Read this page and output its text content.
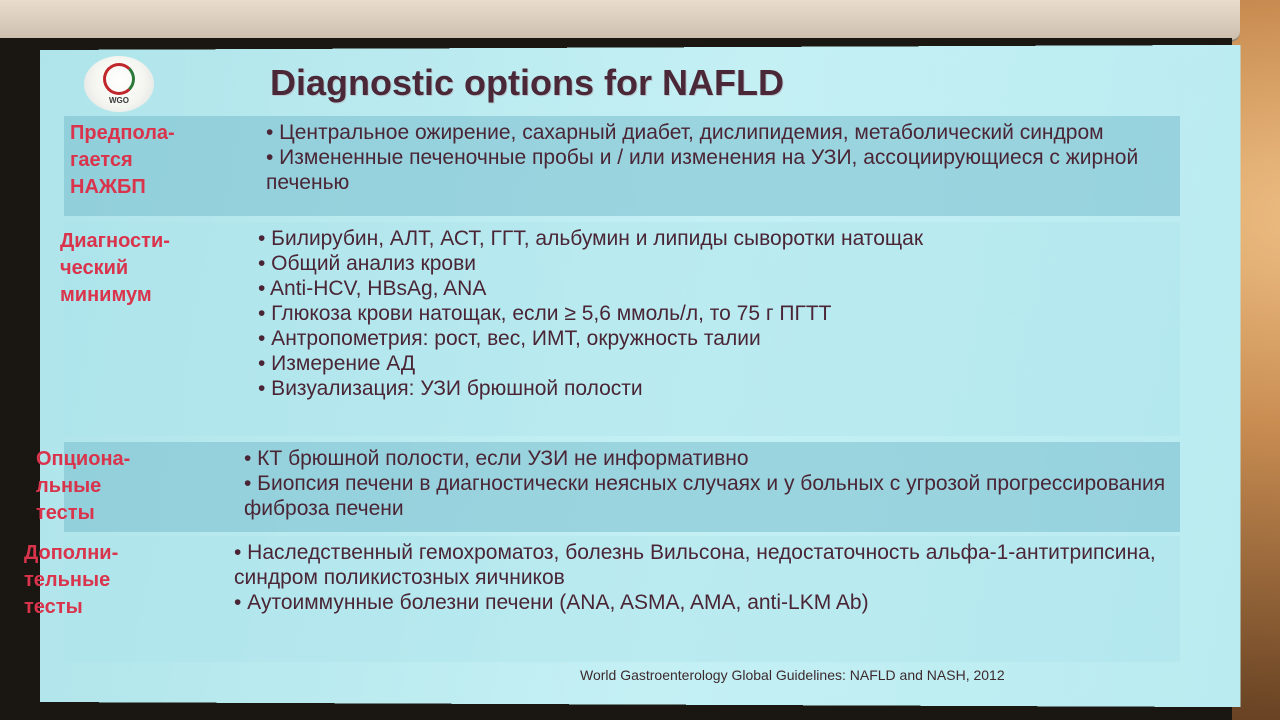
WGO	Diagnostic options for NAFLD
Предпола-
гается
НАЖБП

• Центральное ожирение, сахарный диабет, дислипидемия, метаболический синдром

• Измененные печеночные пробы и / или изменения на УЗИ, ассоциирующиеся с жирной печенью

Диагности-
ческий
минимум

• Билирубин, АЛТ, АСТ, ГГТ, альбумин и липиды сыворотки натощак

• Общий анализ крови

• Anti-HCV, HBsAg, ANA

• Глюкоза крови натощак, если ≥ 5,6 ммоль/л, то 75 г ПГТТ

• Антропометрия: рост, вес, ИМТ, окружность талии

• Измерение АД

• Визуализация: УЗИ брюшной полости

Опционa-
льные
тесты

• КТ брюшной полости, если УЗИ не информативно

• Биопсия печени в диагностически неясных случаях и у больных с угрозой прогрессирования фиброза печени

Дополни-
тельные
тесты

• Наследственный гемохроматоз, болезнь Вильсона, недостаточность альфа-1-антитрипсина, синдром поликистозных яичников

• Аутоиммунные болезни печени (ANA, ASMA, AMA, anti-LKM Ab)

World Gastroenterology Global Guidelines: NAFLD and NASH, 2012
